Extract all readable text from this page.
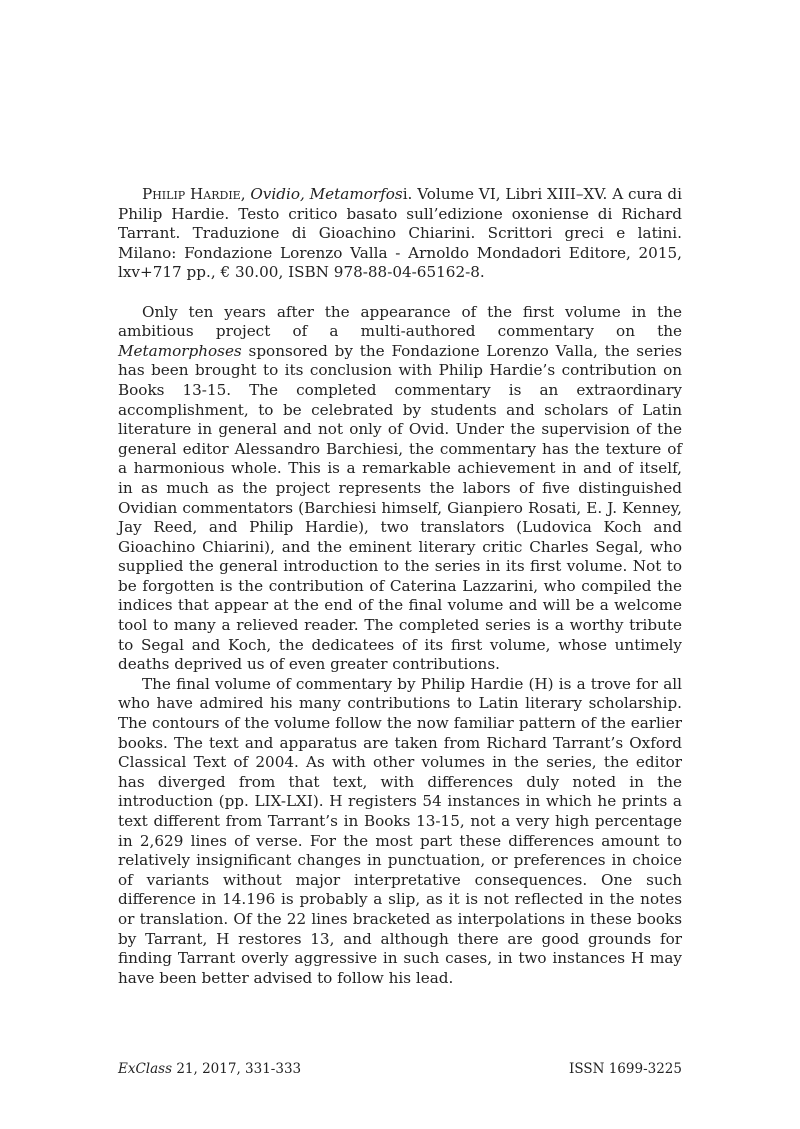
Philip Hardie, Ovidio, Metamorfosi. Volume VI, Libri XIII–XV. A cura di Philip Hardie. Testo critico basato sull’edizione oxoniense di Richard Tarrant. Traduzione di Gioachino Chiarini. Scrittori greci e latini. Milano: Fondazione Lorenzo Valla - Arnoldo Mondadori Editore, 2015, lxv+717 pp., € 30.00, ISBN 978-88-04-65162-8.

Only ten years after the appearance of the first volume in the ambitious project of a multi-authored commentary on the Metamorphoses sponsored by the Fondazione Lorenzo Valla, the series has been brought to its conclusion with Philip Hardie’s contribution on Books 13-15. The completed commentary is an extraordinary accomplishment, to be celebrated by students and scholars of Latin literature in general and not only of Ovid. Under the supervision of the general editor Alessandro Barchiesi, the commentary has the texture of a harmonious whole. This is a remarkable achievement in and of itself, in as much as the project represents the labors of five distinguished Ovidian commentators (Barchiesi himself, Gianpiero Rosati, E. J. Kenney, Jay Reed, and Philip Hardie), two translators (Ludovica Koch and Gioachino Chiarini), and the eminent literary critic Charles Segal, who supplied the general introduction to the series in its first volume. Not to be forgotten is the contribution of Caterina Lazzarini, who compiled the indices that appear at the end of the final volume and will be a welcome tool to many a relieved reader. The completed series is a worthy tribute to Segal and Koch, the dedicatees of its first volume, whose untimely deaths deprived us of even greater contributions.

The final volume of commentary by Philip Hardie (H) is a trove for all who have admired his many contributions to Latin literary scholarship. The contours of the volume follow the now familiar pattern of the earlier books. The text and apparatus are taken from Richard Tarrant’s Oxford Classical Text of 2004. As with other volumes in the series, the editor has diverged from that text, with differences duly noted in the introduction (pp. LIX-LXI). H registers 54 instances in which he prints a text different from Tarrant’s in Books 13-15, not a very high percentage in 2,629 lines of verse. For the most part these differences amount to relatively insignificant changes in punctuation, or preferences in choice of variants without major interpretative consequences. One such difference in 14.196 is probably a slip, as it is not reflected in the notes or translation. Of the 22 lines bracketed as interpolations in these books by Tarrant, H restores 13, and although there are good grounds for finding Tarrant overly aggressive in such cases, in two instances H may have been better advised to follow his lead.

ExClass 21, 2017, 331-333	ISSN 1699-3225
